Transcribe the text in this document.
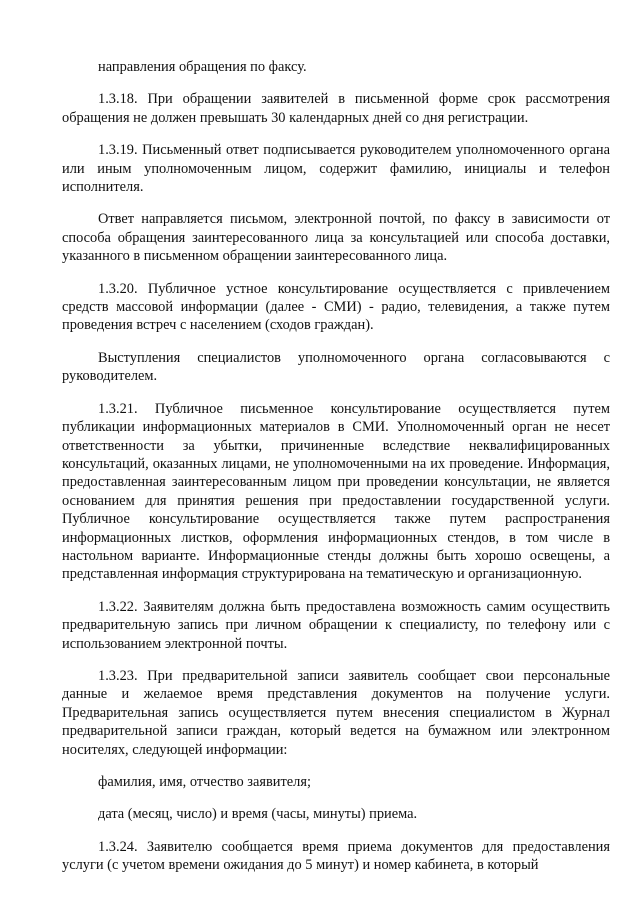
направления обращения по факсу.

1.3.18. При обращении заявителей в письменной форме срок рассмотрения обращения не должен превышать 30 календарных дней со дня регистрации.

1.3.19. Письменный ответ подписывается руководителем уполномоченного органа или иным уполномоченным лицом, содержит фамилию, инициалы и телефон исполнителя.

Ответ направляется письмом, электронной почтой, по факсу в зависимости от способа обращения заинтересованного лица за консультацией или способа доставки, указанного в письменном обращении заинтересованного лица.

1.3.20. Публичное устное консультирование осуществляется с привлечением средств массовой информации (далее - СМИ) - радио, телевидения, а также путем проведения встреч с населением (сходов граждан).

Выступления специалистов уполномоченного органа согласовываются с руководителем.

1.3.21. Публичное письменное консультирование осуществляется путем публикации информационных материалов в СМИ. Уполномоченный орган не несет ответственности за убытки, причиненные вследствие неквалифицированных консультаций, оказанных лицами, не уполномоченными на их проведение. Информация, предоставленная заинтересованным лицом при проведении консультации, не является основанием для принятия решения при предоставлении государственной услуги. Публичное консультирование осуществляется также путем распространения информационных листков, оформления информационных стендов, в том числе в настольном варианте. Информационные стенды должны быть хорошо освещены, а представленная информация структурирована на тематическую и организационную.

1.3.22. Заявителям должна быть предоставлена возможность самим осуществить предварительную запись при личном обращении к специалисту, по телефону или с использованием электронной почты.

1.3.23. При предварительной записи заявитель сообщает свои персональные данные и желаемое время представления документов на получение услуги. Предварительная запись осуществляется путем внесения специалистом в Журнал предварительной записи граждан, который ведется на бумажном или электронном носителях, следующей информации:

фамилия, имя, отчество заявителя;

дата (месяц, число) и время (часы, минуты) приема.

1.3.24. Заявителю сообщается время приема документов для предоставления услуги (с учетом времени ожидания до 5 минут) и номер кабинета, в который
